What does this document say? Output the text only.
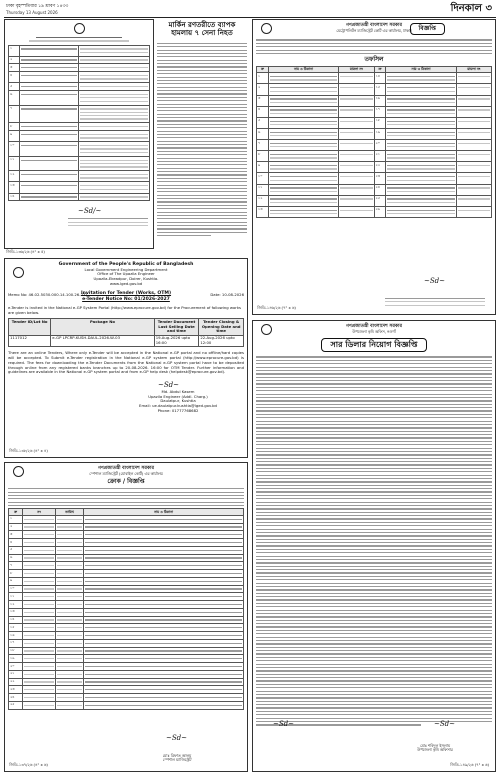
ঢাকা বৃহস্পতিবার ১৯ শ্রাবণ ১৪৩৩
Thursday 13 August 2026	দিনকাল ৩
১	

২	

৩	

৪	

৫	

৬	

৭	

৮	

৯	

১০	

১১	

১২	

১৩	

১৪	

~Sd/~
জিডি-১৩৬/২৬ (৪" x ৫)
মার্কিন রণতরীতে ব্যাপক হামলায় ৭ সেনা নিহত
Government of the People's Republic of Bangladesh
Local Government Engineering Department
Office of The Upazila Engineer
Upazila-Ekeadpur, Doirer, Kushtia.
www.lged.gov.bd
Memo No: 46.02.5030.000.14.100.26-771	Date: 10-08-2026
Invitation for Tender (Works, OTM)
e-Tender Notice No: 01/2026-2027
e-Tender is invited in the National e-GP System Portal (http://www.eprocure.gov.bd) for the Procurement of following works are given below.
Tender ID/Lot No	Package No	Tender Document Last Selling Date and time	Tender Closing & Opening Date and time
1117012	e-GP LPCRP-KUSH-DAUL-2026-W-03	19-Aug-2026 upto 16:00	22-Aug-2026 upto 12:00
There are an online Tenders, Where only e-Tender will be accepted in the National e-GP portal and no offline/hard copies will be accepted. To Submit e-Tender registration in the National e-GP system portal (http://www.eprocure.gov.bd) is required. The fees for downloading the e-Tender Documents from the National e-GP system portal have to be deposited through online from any registered banks branches up to 20-08-2026. 16:00 for OTM Tender. Further information and guidelines are available in the National e-GP system portal and from e-GP help desk (helpdesk@eprocure.gov.bd).
~Sd~
Md. Abdul Kasem
Upazila Engineer (Addl. Charg.)
Daulatpur, Kushtia
Email: ue.daulatpur.kushtia@lged.gov.bd
Phone: 01777768682
জিডি-১৩৮/২৬ (৪" x ৪)
গণপ্রজাতন্ত্রী বাংলাদেশ সরকার
মেট্রোপলিটন ম্যাজিস্ট্রেট কোর্ট এর কার্যালয়, ঢাকা।	বিজ্ঞপ্তি
তফসিল
ক্র	নাম ও ঠিকানা	মামলা নং	ক্র	নাম ও ঠিকানা	মামলা নং
১			১৪	

২			১৫	

৩			১৬	

৪			১৭	

৫			১৮	

৬			১৯	

৭			২০	

৮			২১	

৯			২২	

১০			২৩	

১১			২৪	

১২			২৫	

১৩			২৬	

~Sd~
জিডি-১৪৬/২৬ (৭" x ৬)
গণপ্রজাতন্ত্রী বাংলাদেশ সরকার
উপজেলা কৃষি অফিস, নওগাঁ
সার ডিলার নিয়োগ বিজ্ঞপ্তি
~Sd~	~Sd~
মোঃ শহিদুল ইসলাম
উপজেলা কৃষি অফিসার
জিডি-১৪৯/২৬ (৭" x ৬)
গণপ্রজাতন্ত্রী বাংলাদেশ সরকার
স্পেশাল ম্যাজিস্ট্রেট (মোবাইল কোর্ট) এর কার্যালয়
ক্রোক / বিজ্ঞপ্তি
ক্র	নং	তারিখ	নাম ও ঠিকানা
১	

২	

৩	

৪	

৫	

৬	

৭	

৮	

৯	

১০	

১১	

১২	

১৩	

১৪	

১৫	

১৬	

১৭	

১৮	

১৯	

২০	

২১	

২২	

২৩	

২৪	

২৫	

~Sd~
মোঃ রিফাত আলম
স্পেশাল ম্যাজিস্ট্রেট
জিডি-১৩৭/২৬ (৪" x ৬)
